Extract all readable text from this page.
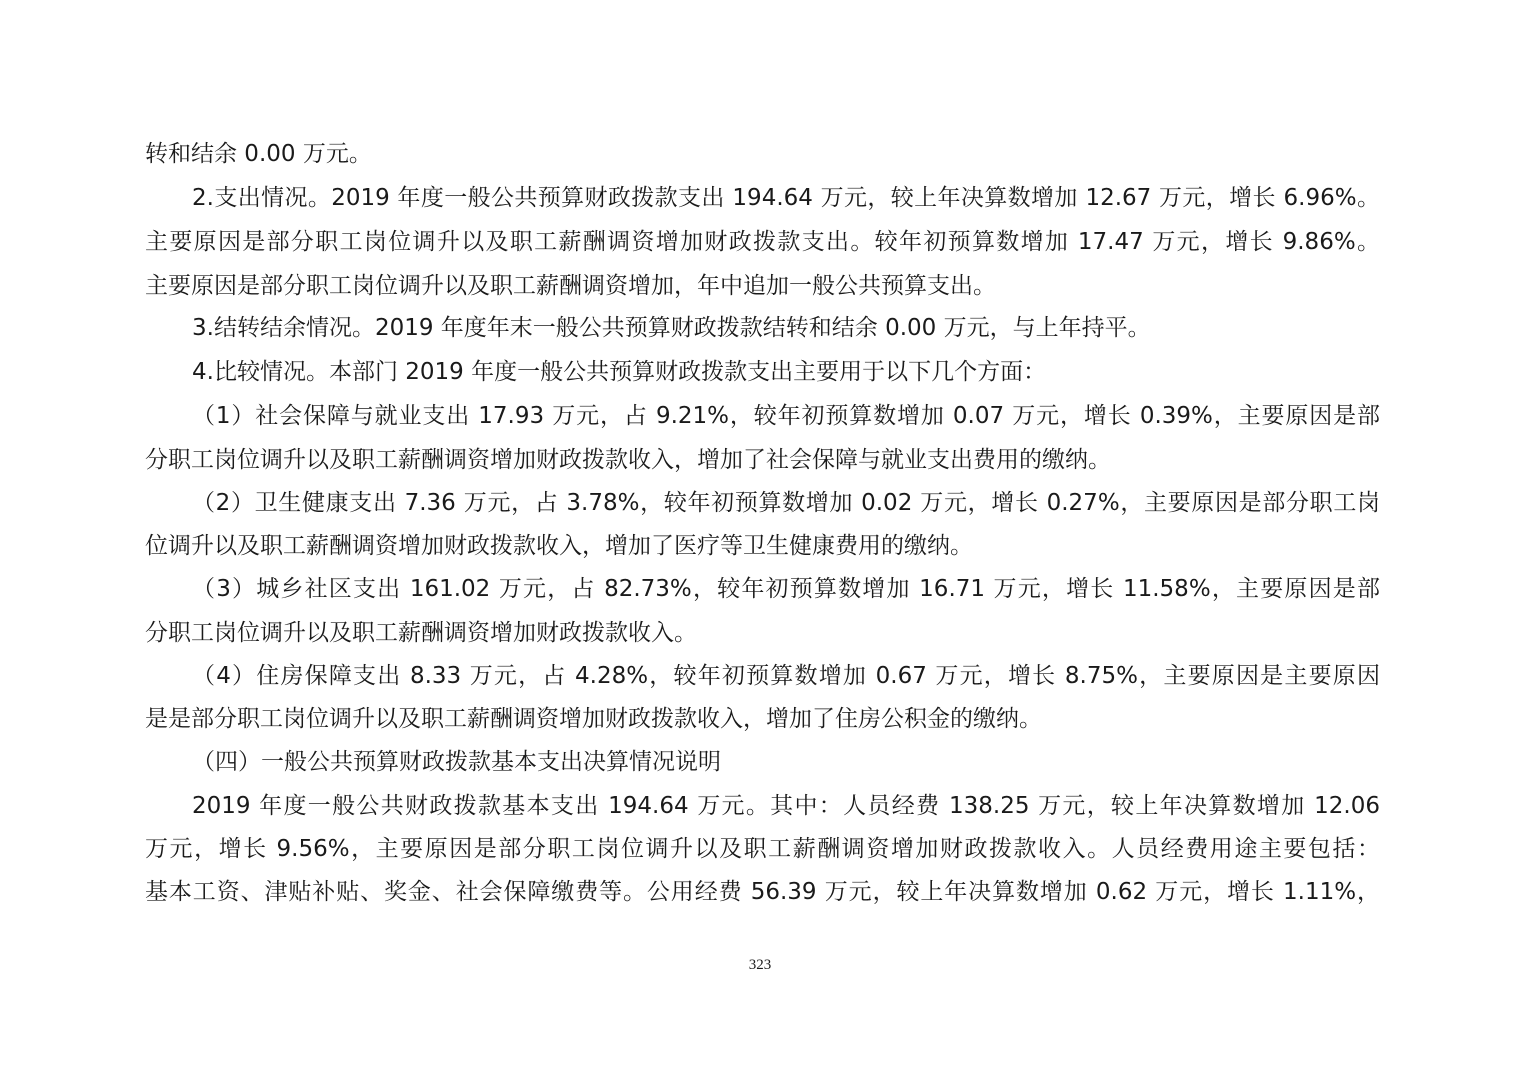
转和结余 0.00 万元。
2.支出情况。2019 年度一般公共预算财政拨款支出 194.64 万元，较上年决算数增加 12.67 万元，增长 6.96%。
主要原因是部分职工岗位调升以及职工薪酬调资增加财政拨款支出。较年初预算数增加 17.47 万元，增长 9.86%。
主要原因是部分职工岗位调升以及职工薪酬调资增加，年中追加一般公共预算支出。
3.结转结余情况。2019 年度年末一般公共预算财政拨款结转和结余 0.00 万元，与上年持平。
4.比较情况。本部门 2019 年度一般公共预算财政拨款支出主要用于以下几个方面：
（1）社会保障与就业支出 17.93 万元，占 9.21%，较年初预算数增加 0.07 万元，增长 0.39%，主要原因是部
分职工岗位调升以及职工薪酬调资增加财政拨款收入，增加了社会保障与就业支出费用的缴纳。
（2）卫生健康支出 7.36 万元，占 3.78%，较年初预算数增加 0.02 万元，增长 0.27%，主要原因是部分职工岗
位调升以及职工薪酬调资增加财政拨款收入，增加了医疗等卫生健康费用的缴纳。
（3）城乡社区支出 161.02 万元，占 82.73%，较年初预算数增加 16.71 万元，增长 11.58%，主要原因是部
分职工岗位调升以及职工薪酬调资增加财政拨款收入。
（4）住房保障支出 8.33 万元，占 4.28%，较年初预算数增加 0.67 万元，增长 8.75%，主要原因是主要原因
是是部分职工岗位调升以及职工薪酬调资增加财政拨款收入，增加了住房公积金的缴纳。
（四）一般公共预算财政拨款基本支出决算情况说明
2019 年度一般公共财政拨款基本支出 194.64 万元。其中：人员经费 138.25 万元，较上年决算数增加 12.06
万元，增长 9.56%，主要原因是部分职工岗位调升以及职工薪酬调资增加财政拨款收入。人员经费用途主要包括：
基本工资、津贴补贴、奖金、社会保障缴费等。公用经费 56.39 万元，较上年决算数增加 0.62 万元，增长 1.11%，
323
